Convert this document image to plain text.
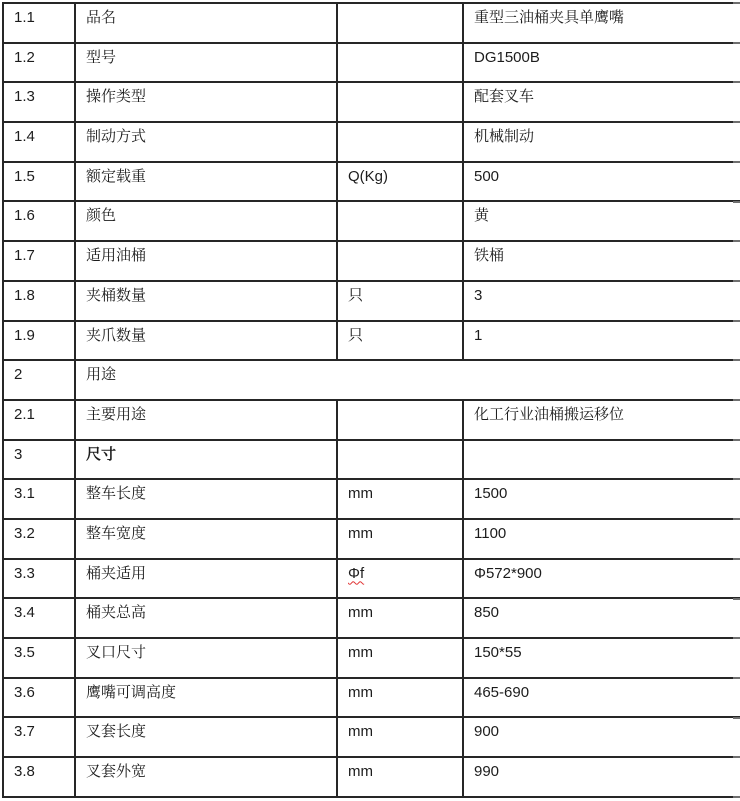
1.1	品名		重型三油桶夹具单鹰嘴
1.2	型号		DG1500B
1.3	操作类型		配套叉车
1.4	制动方式		机械制动
1.5	额定载重	Q(Kg)	500
1.6	颜色		黄
1.7	适用油桶		铁桶
1.8	夹桶数量	只	3
1.9	夹爪数量	只	1
2	用途		
2.1	主要用途		化工行业油桶搬运移位
3	尺寸		
3.1	整车长度	mm	1500
3.2	整车宽度	mm	1100
3.3	桶夹适用	Φf	Φ572*900
3.4	桶夹总高	mm	850
3.5	叉口尺寸	mm	150*55
3.6	鹰嘴可调高度	mm	465-690
3.7	叉套长度	mm	900
3.8	叉套外宽	mm	990
